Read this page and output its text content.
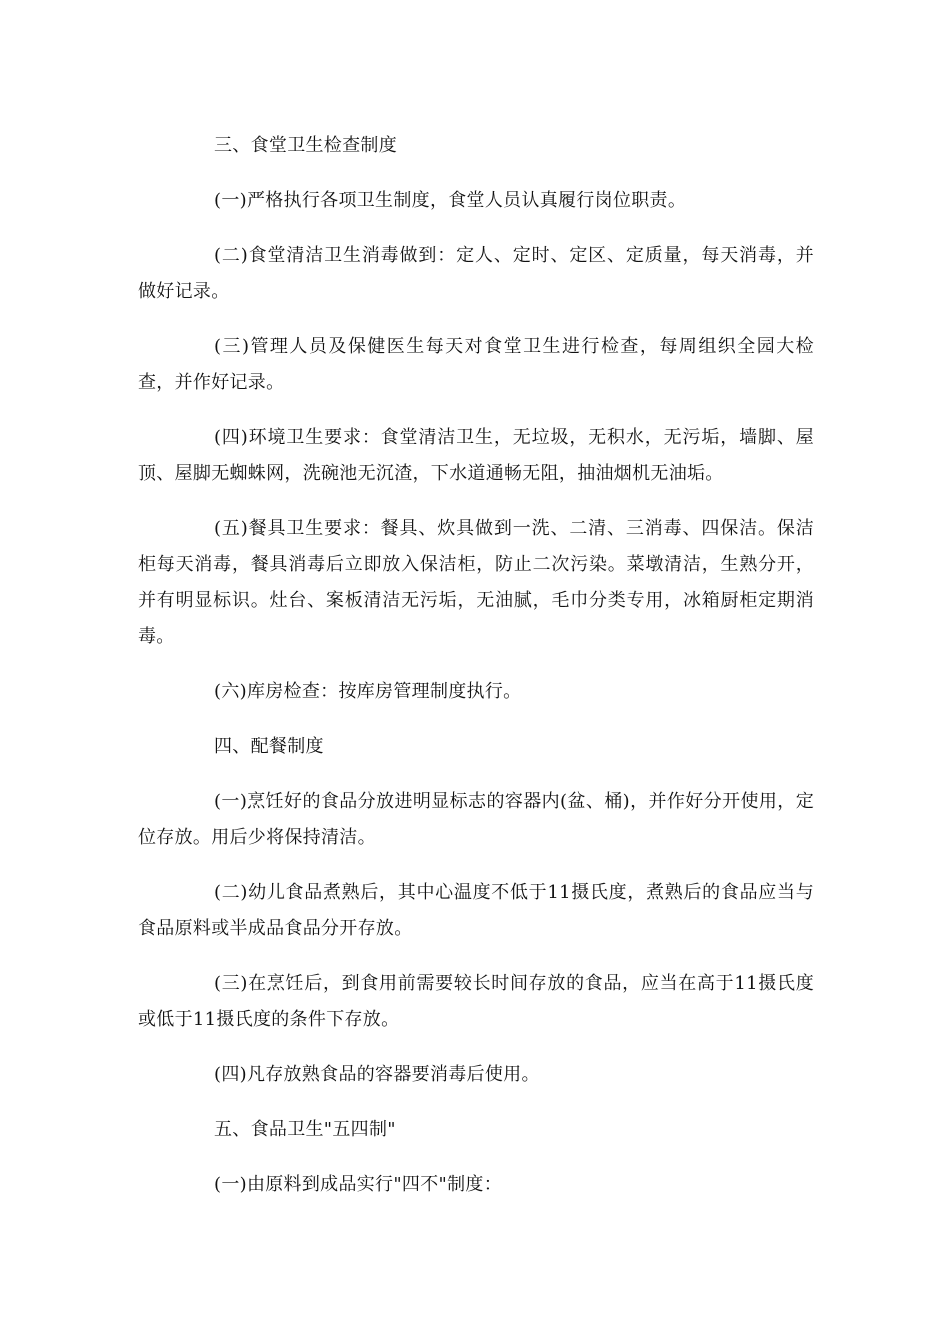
三、食堂卫生检查制度

(一)严格执行各项卫生制度，食堂人员认真履行岗位职责。

(二)食堂清洁卫生消毒做到：定人、定时、定区、定质量，每天消毒，并做好记录。

(三)管理人员及保健医生每天对食堂卫生进行检查，每周组织全园大检查，并作好记录。

(四)环境卫生要求：食堂清洁卫生，无垃圾，无积水，无污垢，墙脚、屋顶、屋脚无蜘蛛网，洗碗池无沉渣，下水道通畅无阻，抽油烟机无油垢。

(五)餐具卫生要求：餐具、炊具做到一洗、二清、三消毒、四保洁。保洁柜每天消毒，餐具消毒后立即放入保洁柜，防止二次污染。菜墩清洁，生熟分开，并有明显标识。灶台、案板清洁无污垢，无油腻，毛巾分类专用，冰箱厨柜定期消毒。

(六)库房检查：按库房管理制度执行。

四、配餐制度

(一)烹饪好的食品分放进明显标志的容器内(盆、桶)，并作好分开使用，定位存放。用后少将保持清洁。

(二)幼儿食品煮熟后，其中心温度不低于11摄氏度，煮熟后的食品应当与食品原料或半成品食品分开存放。

(三)在烹饪后，到食用前需要较长时间存放的食品，应当在高于11摄氏度或低于11摄氏度的条件下存放。

(四)凡存放熟食品的容器要消毒后使用。

五、食品卫生"五四制"

(一)由原料到成品实行"四不"制度：
